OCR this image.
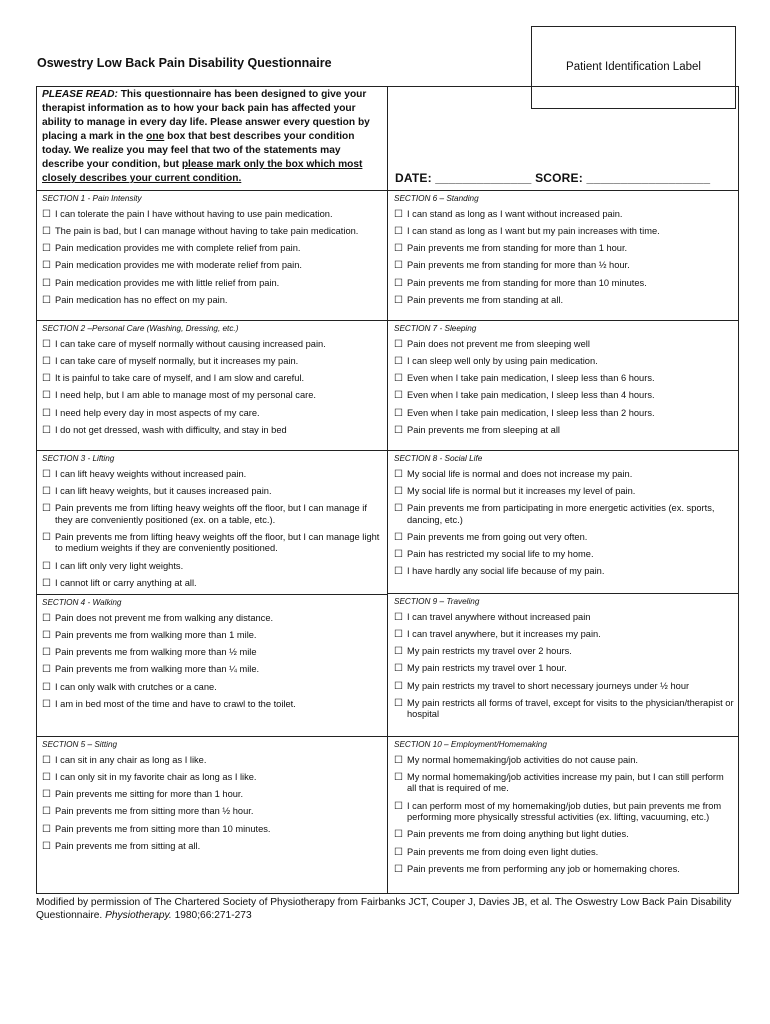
Oswestry Low Back Pain Disability Questionnaire	Patient Identification Label
PLEASE READ: This questionnaire has been designed to give your therapist information as to how your back pain has affected your ability to manage in every day life. Please answer every question by placing a mark in the one box that best describes your condition today. We realize you may feel that two of the statements may describe your condition, but please mark only the box which most closely describes your current condition.	DATE: ______________ SCORE: __________________
SECTION 1 - Pain Intensity
☐ I can tolerate the pain I have without having to use pain medication.
☐ The pain is bad, but I can manage without having to take pain medication.
☐ Pain medication provides me with complete relief from pain.
☐ Pain medication provides me with moderate relief from pain.
☐ Pain medication provides me with little relief from pain.
☐ Pain medication has no effect on my pain.
SECTION 2 –Personal Care (Washing, Dressing, etc.)
☐ I can take care of myself normally without causing increased pain.
☐ I can take care of myself normally, but it increases my pain.
☐ It is painful to take care of myself, and I am slow and careful.
☐ I need help, but I am able to manage most of my personal care.
☐ I need help every day in most aspects of my care.
☐ I do not get dressed, wash with difficulty, and stay in bed
SECTION 3 - Lifting
☐ I can lift heavy weights without increased pain.
☐ I can lift heavy weights, but it causes increased pain.
☐ Pain prevents me from lifting heavy weights off the floor, but I can manage if they are conveniently positioned (ex. on a table, etc.).
☐ Pain prevents me from lifting heavy weights off the floor, but I can manage light to medium weights if they are conveniently positioned.
☐ I can lift only very light weights.
☐ I cannot lift or carry anything at all.
SECTION 4 - Walking
☐ Pain does not prevent me from walking any distance.
☐ Pain prevents me from walking more than 1 mile.
☐ Pain prevents me from walking more than ½ mile
☐ Pain prevents me from walking more than ¼ mile.
☐ I can only walk with crutches or a cane.
☐ I am in bed most of the time and have to crawl to the toilet.
SECTION 5 – Sitting
☐ I can sit in any chair as long as I like.
☐ I can only sit in my favorite chair as long as I like.
☐ Pain prevents me sitting for more than 1 hour.
☐ Pain prevents me from sitting more than ½ hour.
☐ Pain prevents me from sitting more than 10 minutes.
☐ Pain prevents me from sitting at all.
SECTION 6 – Standing
☐ I can stand as long as I want without increased pain.
☐ I can stand as long as I want but my pain increases with time.
☐ Pain prevents me from standing for more than 1 hour.
☐ Pain prevents me from standing for more than ½ hour.
☐ Pain prevents me from standing for more than 10 minutes.
☐ Pain prevents me from standing at all.
SECTION 7 - Sleeping
☐ Pain does not prevent me from sleeping well
☐ I can sleep well only by using pain medication.
☐ Even when I take pain medication, I sleep less than 6 hours.
☐ Even when I take pain medication, I sleep less than 4 hours.
☐ Even when I take pain medication, I sleep less than 2 hours.
☐ Pain prevents me from sleeping at all
SECTION 8 - Social Life
☐ My social life is normal and does not increase my pain.
☐ My social life is normal but it increases my level of pain.
☐ Pain prevents me from participating in more energetic activities (ex. sports, dancing, etc.)
☐ Pain prevents me from going out very often.
☐ Pain has restricted my social life to my home.
☐ I have hardly any social life because of my pain.
SECTION 9 – Traveling
☐ I can travel anywhere without increased pain
☐ I can travel anywhere, but it increases my pain.
☐ My pain restricts my travel over 2 hours.
☐ My pain restricts my travel over 1 hour.
☐ My pain restricts my travel to short necessary journeys under ½ hour
☐ My pain restricts all forms of travel, except for visits to the physician/therapist or hospital
SECTION 10 – Employment/Homemaking
☐ My normal homemaking/job activities do not cause pain.
☐ My normal homemaking/job activities increase my pain, but I can still perform all that is required of me.
☐ I can perform most of my homemaking/job duties, but pain prevents me from performing more physically stressful activities (ex. lifting, vacuuming, etc.)
☐ Pain prevents me from doing anything but light duties.
☐ Pain prevents me from doing even light duties.
☐ Pain prevents me from performing any job or homemaking chores.
Modified by permission of The Chartered Society of Physiotherapy from Fairbanks JCT, Couper J, Davies JB, et al. The Oswestry Low Back Pain Disability Questionnaire. Physiotherapy. 1980;66:271-273
